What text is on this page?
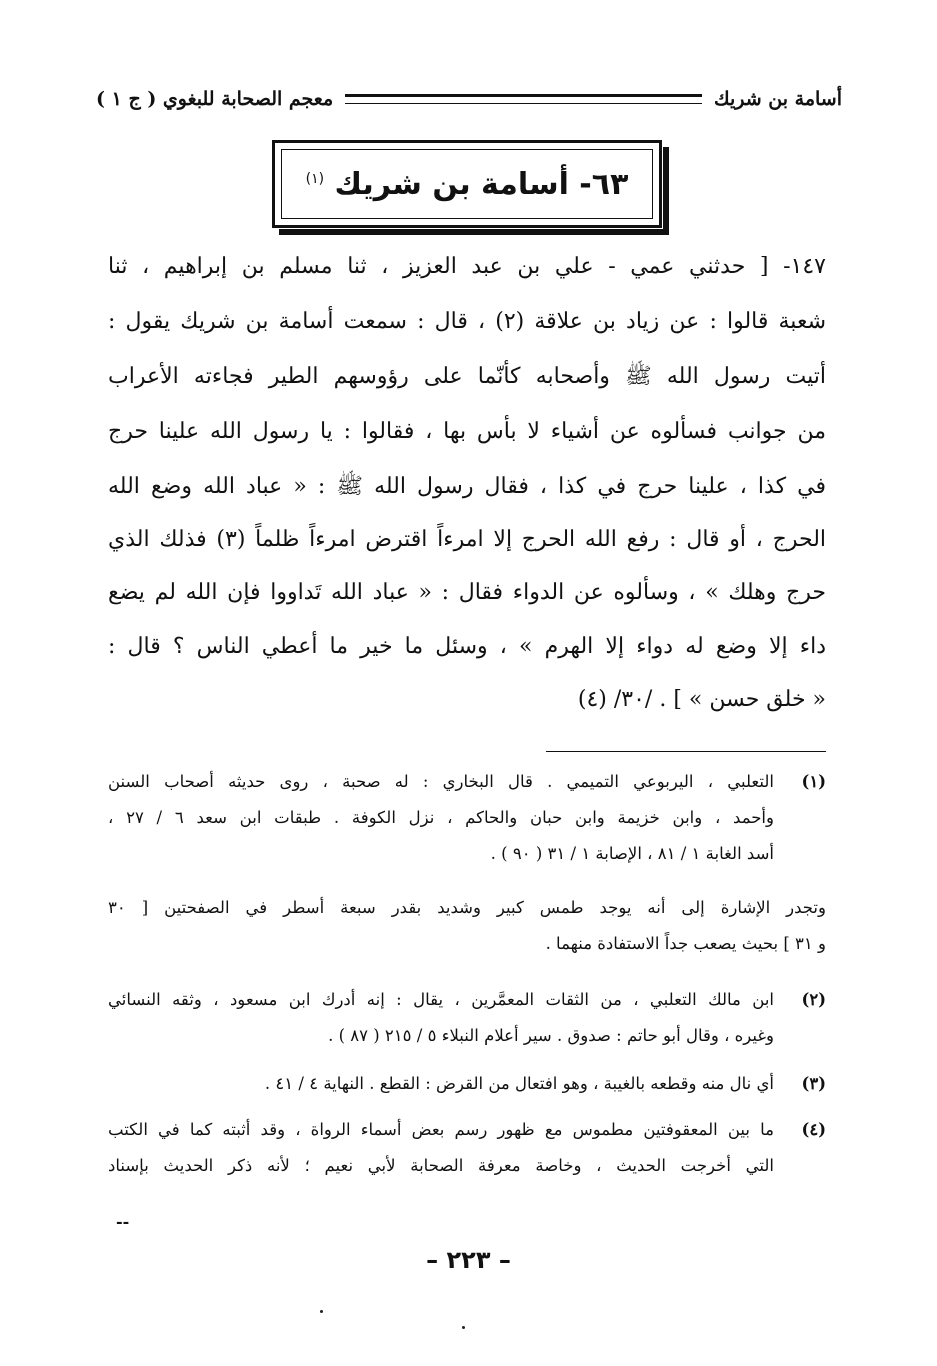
أسامة بن شريك
معجم الصحابة للبغوي ( ج ١ )
٦٣- أسامة بن شريك $^{(١)}$
١٤٧- [ حدثني عمي - علي بن عبد العزيز ، ثنا مسلم بن إبراهيم ، ثنا
شعبة قالوا : عن زياد بن علاقة (٢) ، قال : سمعت أسامة بن شريك يقول :
أتيت رسول الله ﷺ وأصحابه كأنّما على رؤوسهم الطير فجاءته الأعراب
من جوانب فسألوه عن أشياء لا بأس بها ، فقالوا : يا رسول الله علينا حرج
في كذا ، علينا حرج في كذا ، فقال رسول الله ﷺ : « عباد الله وضع الله
الحرج ، أو قال : رفع الله الحرج إلا امرءاً اقترض امرءاً ظلماً (٣) فذلك الذي
حرج وهلك » ، وسألوه عن الدواء فقال : « عباد الله تَداووا فإن الله لم يضع
داء إلا وضع له دواء إلا الهرم » ، وسئل ما خير ما أعطي الناس ؟ قال :
« خلق حسن » ] . /٣٠/ (٤)
(١)
التعلبي ، اليربوعي التميمي . قال البخاري : له صحبة ، روى حديثه أصحاب السنن
وأحمد ، وابن خزيمة وابن حبان والحاكم ، نزل الكوفة . طبقات ابن سعد ٦ / ٢٧ ،
أسد الغابة ١ / ٨١ ، الإصابة ١ / ٣١ ( ٩٠ ) .
وتجدر الإشارة إلى أنه يوجد طمس كبير وشديد بقدر سبعة أسطر في الصفحتين [ ٣٠
و ٣١ ] بحيث يصعب جداً الاستفادة منهما .
(٢)
ابن مالك التعلبي ، من الثقات المعمَّرين ، يقال : إنه أدرك ابن مسعود ، وثقه النسائي
وغيره ، وقال أبو حاتم : صدوق . سير أعلام النبلاء ٥ / ٢١٥ ( ٨٧ ) .
(٣)
أي نال منه وقطعه بالغيبة ، وهو افتعال من القرض : القطع . النهاية ٤ / ٤١ .
(٤)
ما بين المعقوفتين مطموس مع ظهور رسم بعض أسماء الرواة ، وقد أثبته كما في الكتب
التي أخرجت الحديث ، وخاصة معرفة الصحابة لأبي نعيم ؛ لأنه ذكر الحديث بإسناد
--
– ٢٢٣ –
